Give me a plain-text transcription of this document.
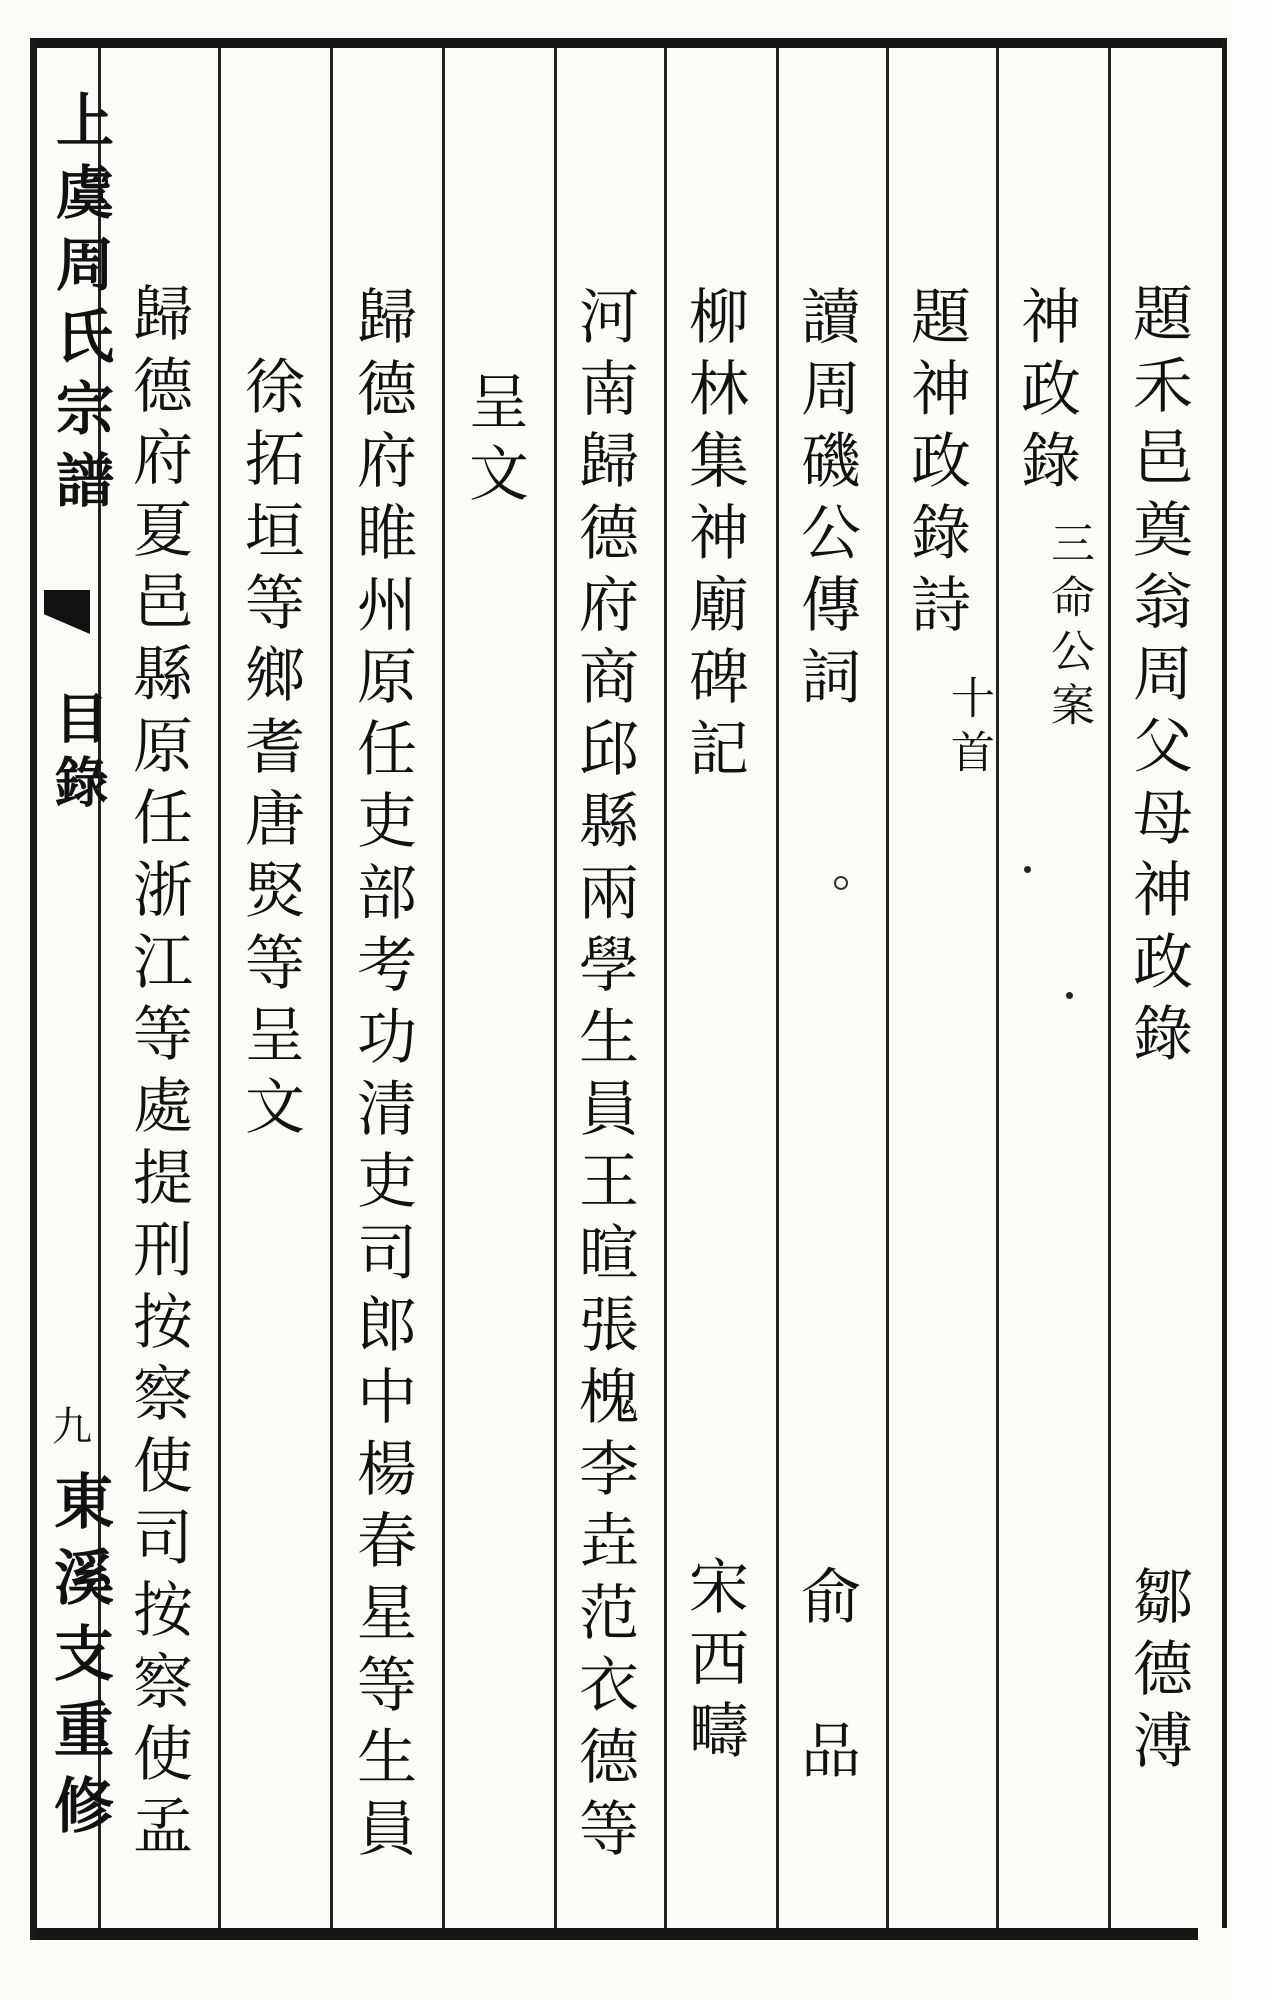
上虞周氏宗譜
目錄
九
東溪支重修
題禾邑奠翁周父母神政錄
鄒德溥
神政錄
三命公案
題神政錄詩
十首
讀周磯公傳詞
俞 品
柳林集神廟碑記
宋西疇
河南歸德府商邱縣兩學生員王暄張槐李垚范衣德等
呈文
歸德府睢州原任吏部考功清吏司郎中楊春星等生員
徐拓垣等鄉耆唐㷂等呈文
歸德府夏邑縣原任浙江等處提刑按察使司按察使孟
